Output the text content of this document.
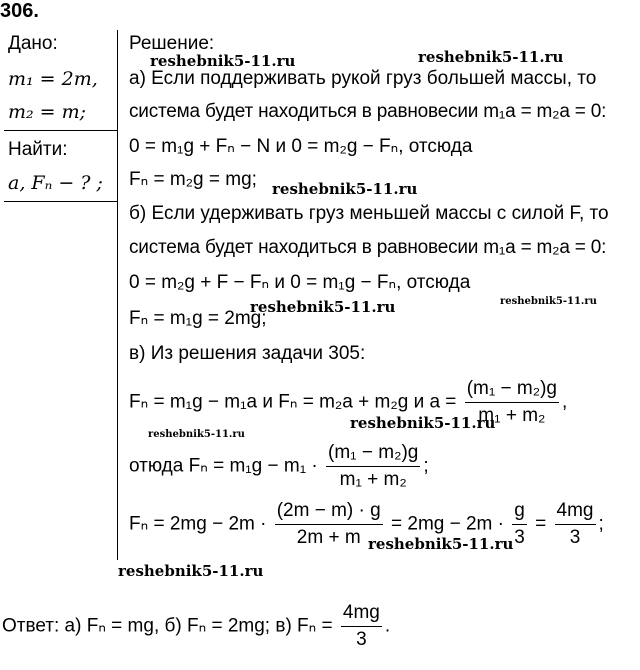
306.
Дано:
m₁ = 2m,
m₂ = m;
Найти:
a, Fₙ − ? ;
Решение:
а) Если поддерживать рукой груз большей массы, то
система будет находиться в равновесии m₁a = m₂a = 0:
0 = m₁g + Fₙ − N и 0 = m₂g − Fₙ, отсюда
Fₙ = m₂g = mg;
б) Если удерживать груз меньшей массы с силой F, то
система будет находиться в равновесии m₁a = m₂a = 0:
0 = m₂g + F − Fₙ и 0 = m₁g − Fₙ, отсюда
Fₙ = m₁g = 2mg;
в) Из решения задачи 305:
Fₙ = m₁g − m₁a и Fₙ = m₂a + m₂g и $a = \frac{\text{(m₁ − m₂)g}}{\text{m₁ + m₂}}$ ,
отюда $F_n = m_1g - m_1 \cdot \frac{\text{(m₁ − m₂)g}}{\text{m₁ + m₂}}$ ;
$F_n = 2mg - 2m \cdot \frac{(2m - m) \cdot g}{2m + m} = 2mg - 2m \cdot \frac{g}{3} = \frac{4mg}{3}$ ;
Ответ: а) Fₙ = mg, б) Fₙ = 2mg; в) $F_n = \frac{4mg}{3}$ .
reshebnik5-11.ru	reshebnik5-11.ru
reshebnik5-11.ru
reshebnik5-11.ru	reshebnik5-11.ru
reshebnik5-11.ru
reshebnik5-11.ru
reshebnik5-11.ru
reshebnik5-11.ru
